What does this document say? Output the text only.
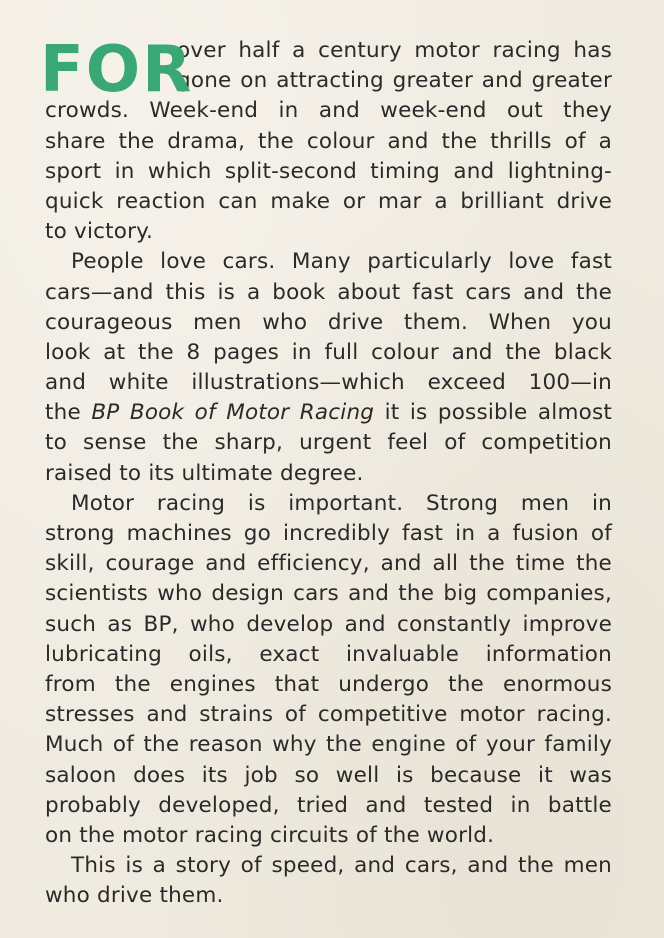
FOR
over half a century motor racing has
gone on attracting greater and greater
crowds. Week-end in and week-end out they
share the drama, the colour and the thrills of a
sport in which split-second timing and lightning-
quick reaction can make or mar a brilliant drive
to victory.
People love cars. Many particularly love fast
cars—and this is a book about fast cars and the
courageous men who drive them. When you
look at the 8 pages in full colour and the black
and white illustrations—which exceed 100—in
the BP Book of Motor Racing it is possible almost
to sense the sharp, urgent feel of competition
raised to its ultimate degree.
Motor racing is important. Strong men in
strong machines go incredibly fast in a fusion of
skill, courage and efficiency, and all the time the
scientists who design cars and the big companies,
such as BP, who develop and constantly improve
lubricating oils, exact invaluable information
from the engines that undergo the enormous
stresses and strains of competitive motor racing.
Much of the reason why the engine of your family
saloon does its job so well is because it was
probably developed, tried and tested in battle
on the motor racing circuits of the world.
This is a story of speed, and cars, and the men
who drive them.
